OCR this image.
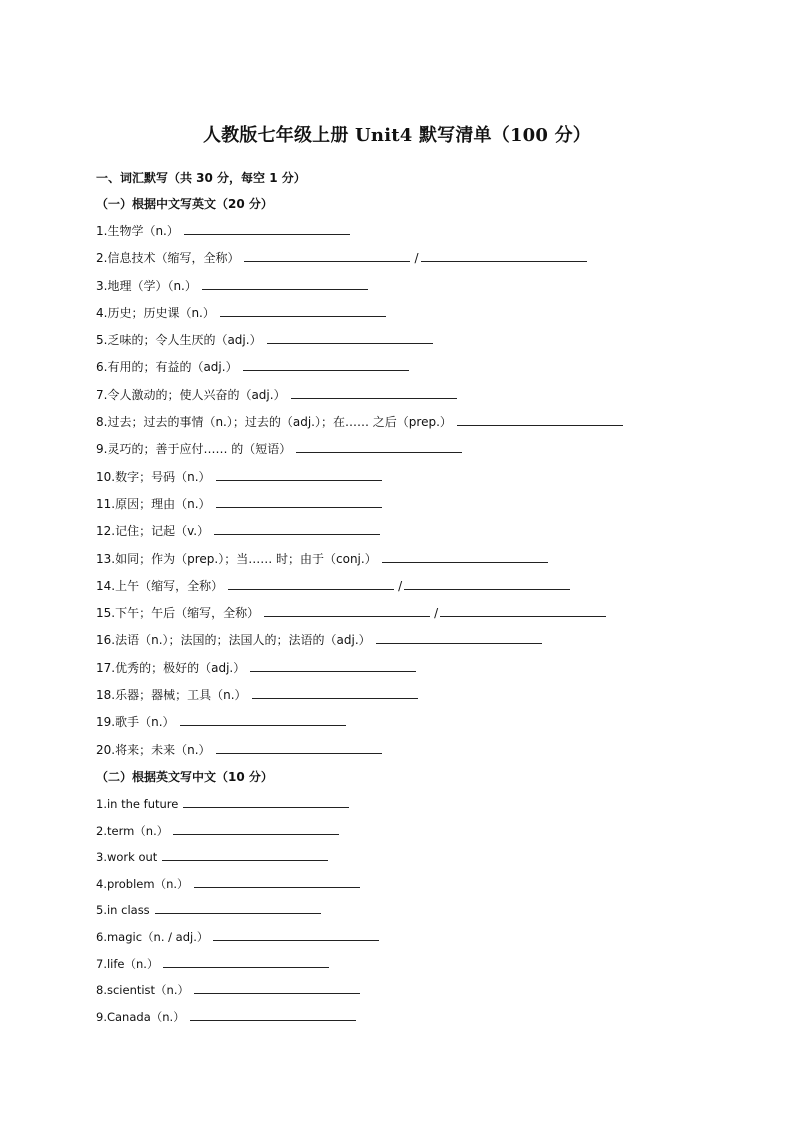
人教版七年级上册 Unit4 默写清单（100 分）
一、词汇默写（共 30 分，每空 1 分）
（一）根据中文写英文（20 分）
1.生物学（n.）
2.信息技术（缩写，全称）	/
3.地理（学）（n.）
4.历史；历史课（n.）
5.乏味的；令人生厌的（adj.）
6.有用的；有益的（adj.）
7.令人激动的；使人兴奋的（adj.）
8.过去；过去的事情（n.）；过去的（adj.）；在…… 之后（prep.）
9.灵巧的；善于应付…… 的（短语）
10.数字；号码（n.）
11.原因；理由（n.）
12.记住；记起（v.）
13.如同；作为（prep.）；当…… 时；由于（conj.）
14.上午（缩写，全称）	/
15.下午；午后（缩写，全称）	/
16.法语（n.）；法国的；法国人的；法语的（adj.）
17.优秀的；极好的（adj.）
18.乐器；器械；工具（n.）
19.歌手（n.）
20.将来；未来（n.）
（二）根据英文写中文（10 分）
1.in the future
2.term（n.）
3.work out
4.problem（n.）
5.in class
6.magic（n. / adj.）
7.life（n.）
8.scientist（n.）
9.Canada（n.）
